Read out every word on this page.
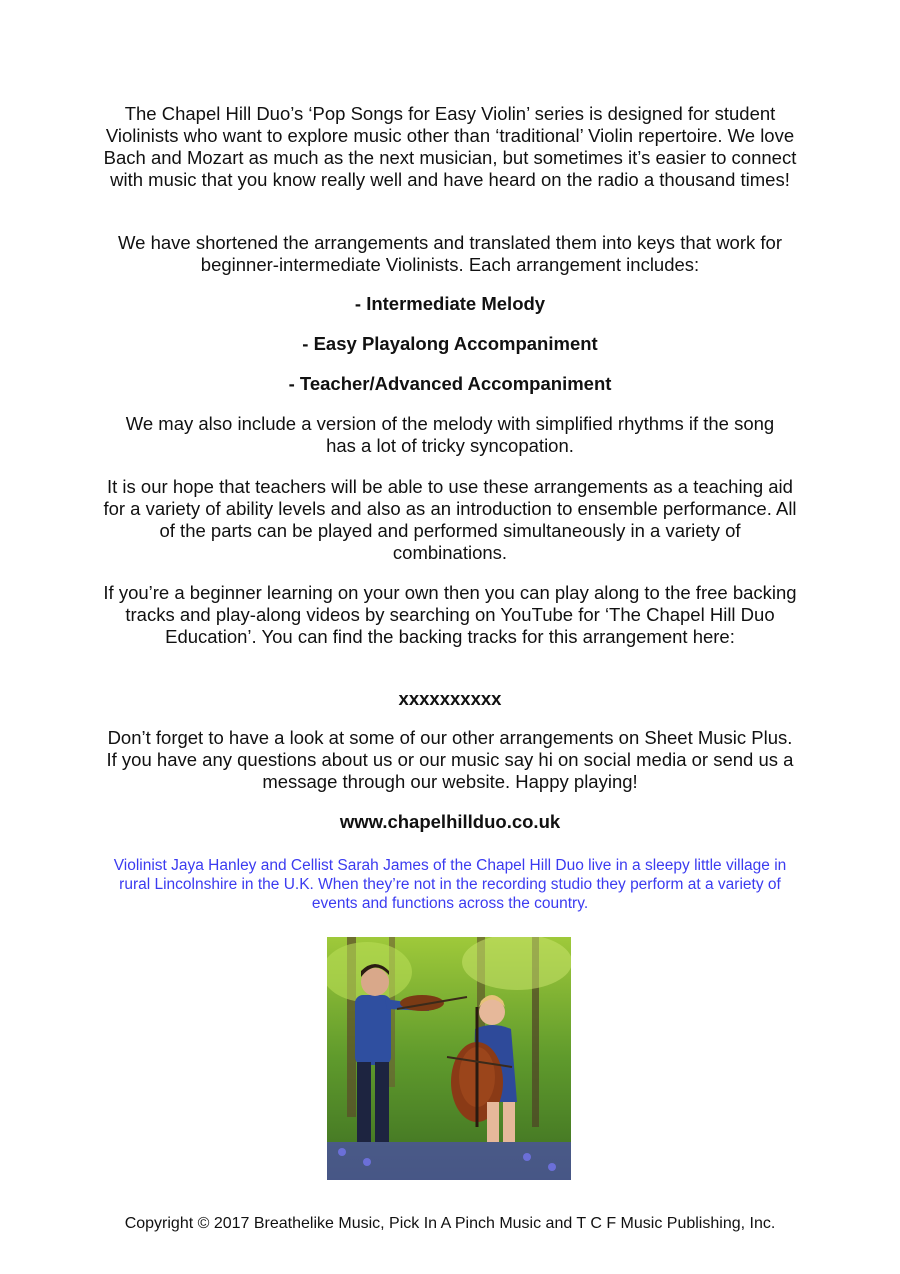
The Chapel Hill Duo’s ‘Pop Songs for Easy Violin’ series is designed for student Violinists who want to explore music other than ‘traditional’ Violin repertoire. We love Bach and Mozart as much as the next musician, but sometimes it’s easier to connect with music that you know really well and have heard on the radio a thousand times!

We have shortened the arrangements and translated them into keys that work for beginner-intermediate Violinists. Each arrangement includes:

- Intermediate Melody

- Easy Playalong Accompaniment

- Teacher/Advanced Accompaniment

We may also include a version of the melody with simplified rhythms if the song has a lot of tricky syncopation.

It is our hope that teachers will be able to use these arrangements as a teaching aid for a variety of ability levels and also as an introduction to ensemble performance. All of the parts can be played and performed simultaneously in a variety of combinations.

If you’re a beginner learning on your own then you can play along to the free backing tracks and play-along videos by searching on YouTube for ‘The Chapel Hill Duo Education’. You can find the backing tracks for this arrangement here:

xxxxxxxxxx

Don’t forget to have a look at some of our other arrangements on Sheet Music Plus. If you have any questions about us or our music say hi on social media or send us a message through our website. Happy playing!

www.chapelhillduo.co.uk

Violinist Jaya Hanley and Cellist Sarah James of the Chapel Hill Duo live in a sleepy little village in rural Lincolnshire in the U.K. When they’re not in the recording studio they perform at a variety of events and functions across the country.

Copyright © 2017 Breathelike Music, Pick In A Pinch Music and T C F Music Publishing, Inc.
